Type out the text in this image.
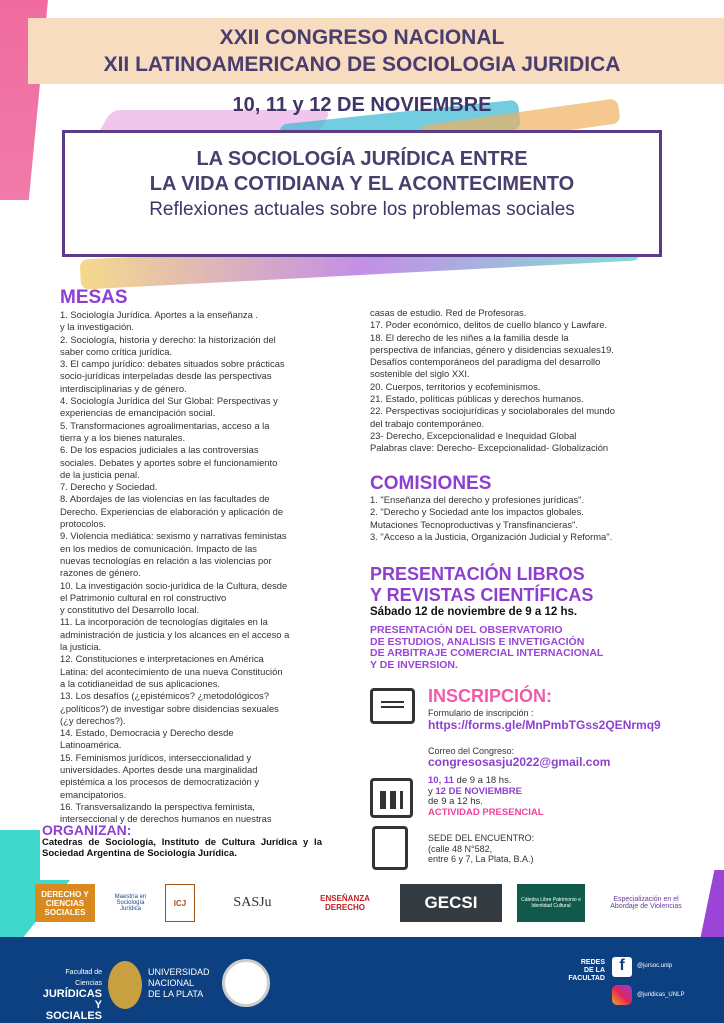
XXII CONGRESO NACIONAL
XII LATINOAMERICANO DE SOCIOLOGIA JURIDICA
10, 11 y 12 DE NOVIEMBRE
LA SOCIOLOGÍA JURÍDICA ENTRE
LA VIDA COTIDIANA Y EL ACONTECIMENTO
Reflexiones actuales sobre los problemas sociales
MESAS
1. Sociología Jurídica. Aportes a la enseñanza .
y la investigación.
2. Sociología, historia y derecho: la historización del
saber como crítica jurídica.
3. El campo jurídico: debates situados sobre prácticas
socio-jurídicas interpeladas desde las perspectivas
interdisciplinarias y de género.
4. Sociología Jurídica del Sur Global: Perspectivas y
experiencias de emancipación social.
5. Transformaciones agroalimentarias, acceso a la
tierra y a los bienes naturales.
6. De los espacios judiciales a las controversias
sociales. Debates y aportes sobre el funcionamiento
de la justicia penal.
7. Derecho y Sociedad.
8. Abordajes de las violencias en las facultades de
Derecho. Experiencias de elaboración y aplicación de
protocolos.
9. Violencia mediática: sexismo y narrativas feministas
en los medios de comunicación. Impacto de las
nuevas tecnologías en relación a las violencias por
razones de género.
10. La investigación socio-jurídica de la Cultura, desde
el Patrimonio cultural en rol constructivo
y constitutivo del Desarrollo local.
11. La incorporación de tecnologías digitales en la
administración de justicia y los alcances en el acceso a
la justicia.
12. Constituciones e interpretaciones en América
Latina: del acontecimiento de una nueva Constitución
a la cotidianeidad de sus aplicaciones.
13. Los desafíos (¿epistémicos? ¿metodológicos?
¿políticos?) de investigar sobre disidencias sexuales
(¿y derechos?).
14. Estado, Democracia y Derecho desde
Latinoamérica.
15. Feminismos jurídicos, interseccionalidad y
universidades. Aportes desde una marginalidad
epistémica a los procesos de democratización y
emancipatorios.
16. Transversalizando la perspectiva feminista,
interseccional y de derechos humanos en nuestras
casas de estudio. Red de Profesoras.
17. Poder económico, delitos de cuello blanco y Lawfare.
18. El derecho de les niñes a la familia desde la
perspectiva de infancias, género y disidencias sexuales19.
Desafíos contemporáneos del paradigma del desarrollo
sostenible del siglo XXI.
20. Cuerpos, territorios y ecofeminismos.
21. Estado, políticas públicas y derechos humanos.
22. Perspectivas sociojurídicas y sociolaborales del mundo
del trabajo contemporáneo.
23- Derecho, Excepcionalidad e Inequidad Global
Palabras clave: Derecho- Excepcionalidad- Globalización
COMISIONES
1. "Enseñanza del derecho y profesiones jurídicas".
2. "Derecho y Sociedad ante los impactos globales.
Mutaciones Tecnoproductivas y Transfinancieras".
3. "Acceso a la Justicia, Organización Judicial y Reforma".
PRESENTACIÓN LIBROS
Y REVISTAS CIENTÍFICAS
Sábado 12 de noviembre de 9 a 12 hs.
PRESENTACIÓN DEL OBSERVATORIO
DE ESTUDIOS, ANALISIS E INVETIGACIÓN
DE ARBITRAJE COMERCIAL INTERNACIONAL
Y DE INVERSION.
INSCRIPCIÓN:
Formulario de inscripción :
https://forms.gle/MnPmbTGss2QENrmq9
Correo del Congreso:
congresosasju2022@gmail.com
10, 11 de 9 a 18 hs.
y 12 DE NOVIEMBRE
de 9 a 12 hs.
ACTIVIDAD PRESENCIAL
SEDE DEL ENCUENTRO:
(calle 48 N°582,
entre 6 y 7, La Plata, B.A.)
ORGANIZAN:
Catedras de Sociología, Instituto de Cultura Jurídica y la Sociedad Argentina de Sociología Jurídica.
DERECHO Y CIENCIAS SOCIALES
Maestría en Sociología Jurídica
ICJ	SASJu	ENSEÑANZA DERECHO	GECSI	Cátedra Libre Patrimonio e Identidad Cultural
Especialización en el Abordaje de Violencias
Facultad de Ciencias
JURÍDICAS
Y SOCIALES
UNIVERSIDAD
NACIONAL
DE LA PLATA
REDES
DE LA
FACULTAD
f	@jursoc.unlp
@juridicas_UNLP
